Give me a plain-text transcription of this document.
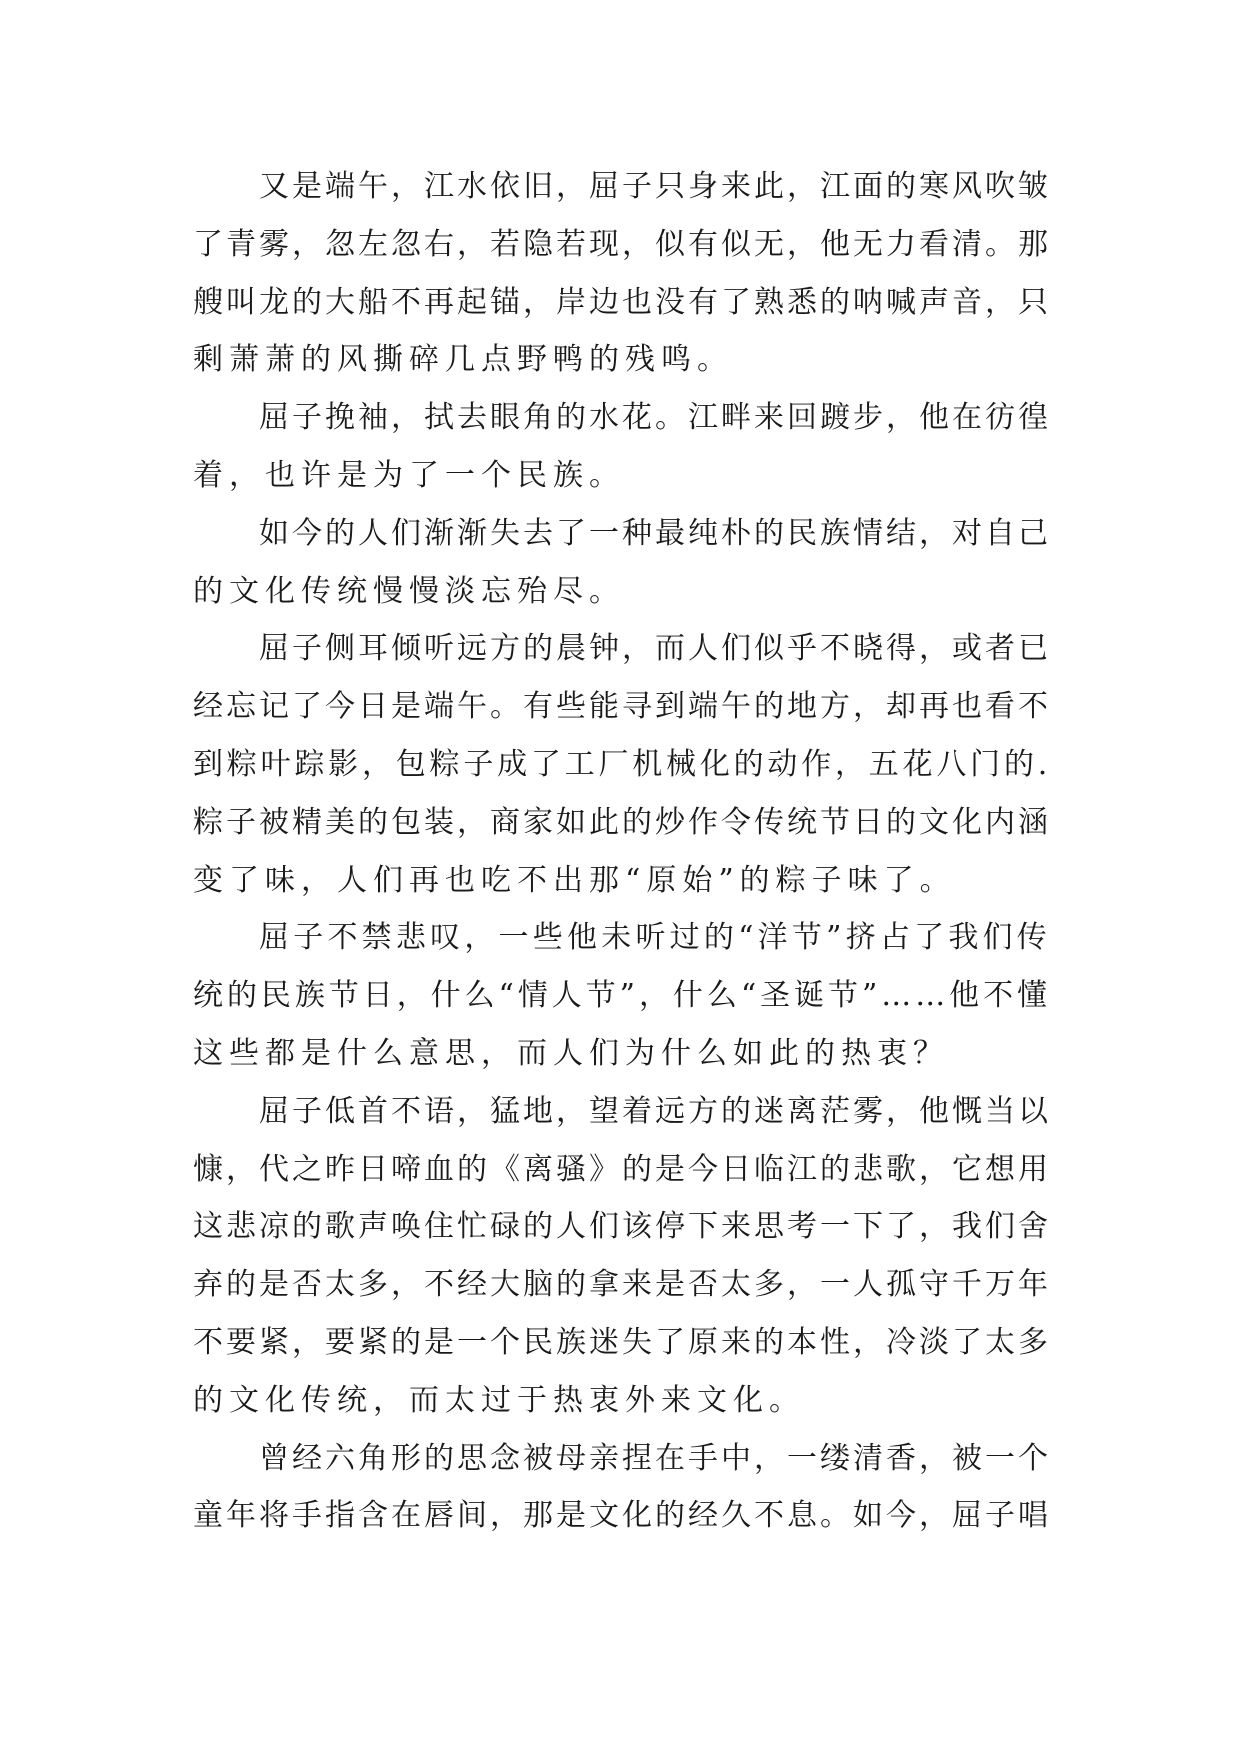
又是端午，江水依旧，屈子只身来此，江面的寒风吹皱
了青雾，忽左忽右，若隐若现，似有似无，他无力看清。那
艘叫龙的大船不再起锚，岸边也没有了熟悉的呐喊声音，只
剩萧萧的风撕碎几点野鸭的残鸣。
屈子挽袖，拭去眼角的水花。江畔来回踱步，他在彷徨
着，也许是为了一个民族。
如今的人们渐渐失去了一种最纯朴的民族情结，对自己
的文化传统慢慢淡忘殆尽。
屈子侧耳倾听远方的晨钟，而人们似乎不晓得，或者已
经忘记了今日是端午。有些能寻到端午的地方，却再也看不
到粽叶踪影，包粽子成了工厂机械化的动作，五花八门的.
粽子被精美的包装，商家如此的炒作令传统节日的文化内涵
变了味，人们再也吃不出那“原始”的粽子味了。
屈子不禁悲叹，一些他未听过的“洋节”挤占了我们传
统的民族节日，什么“情人节”，什么“圣诞节”……他不懂
这些都是什么意思，而人们为什么如此的热衷？
屈子低首不语，猛地，望着远方的迷离茫雾，他慨当以
慷，代之昨日啼血的《离骚》的是今日临江的悲歌，它想用
这悲凉的歌声唤住忙碌的人们该停下来思考一下了，我们舍
弃的是否太多，不经大脑的拿来是否太多，一人孤守千万年
不要紧，要紧的是一个民族迷失了原来的本性，冷淡了太多
的文化传统，而太过于热衷外来文化。
曾经六角形的思念被母亲捏在手中，一缕清香，被一个
童年将手指含在唇间，那是文化的经久不息。如今，屈子唱
